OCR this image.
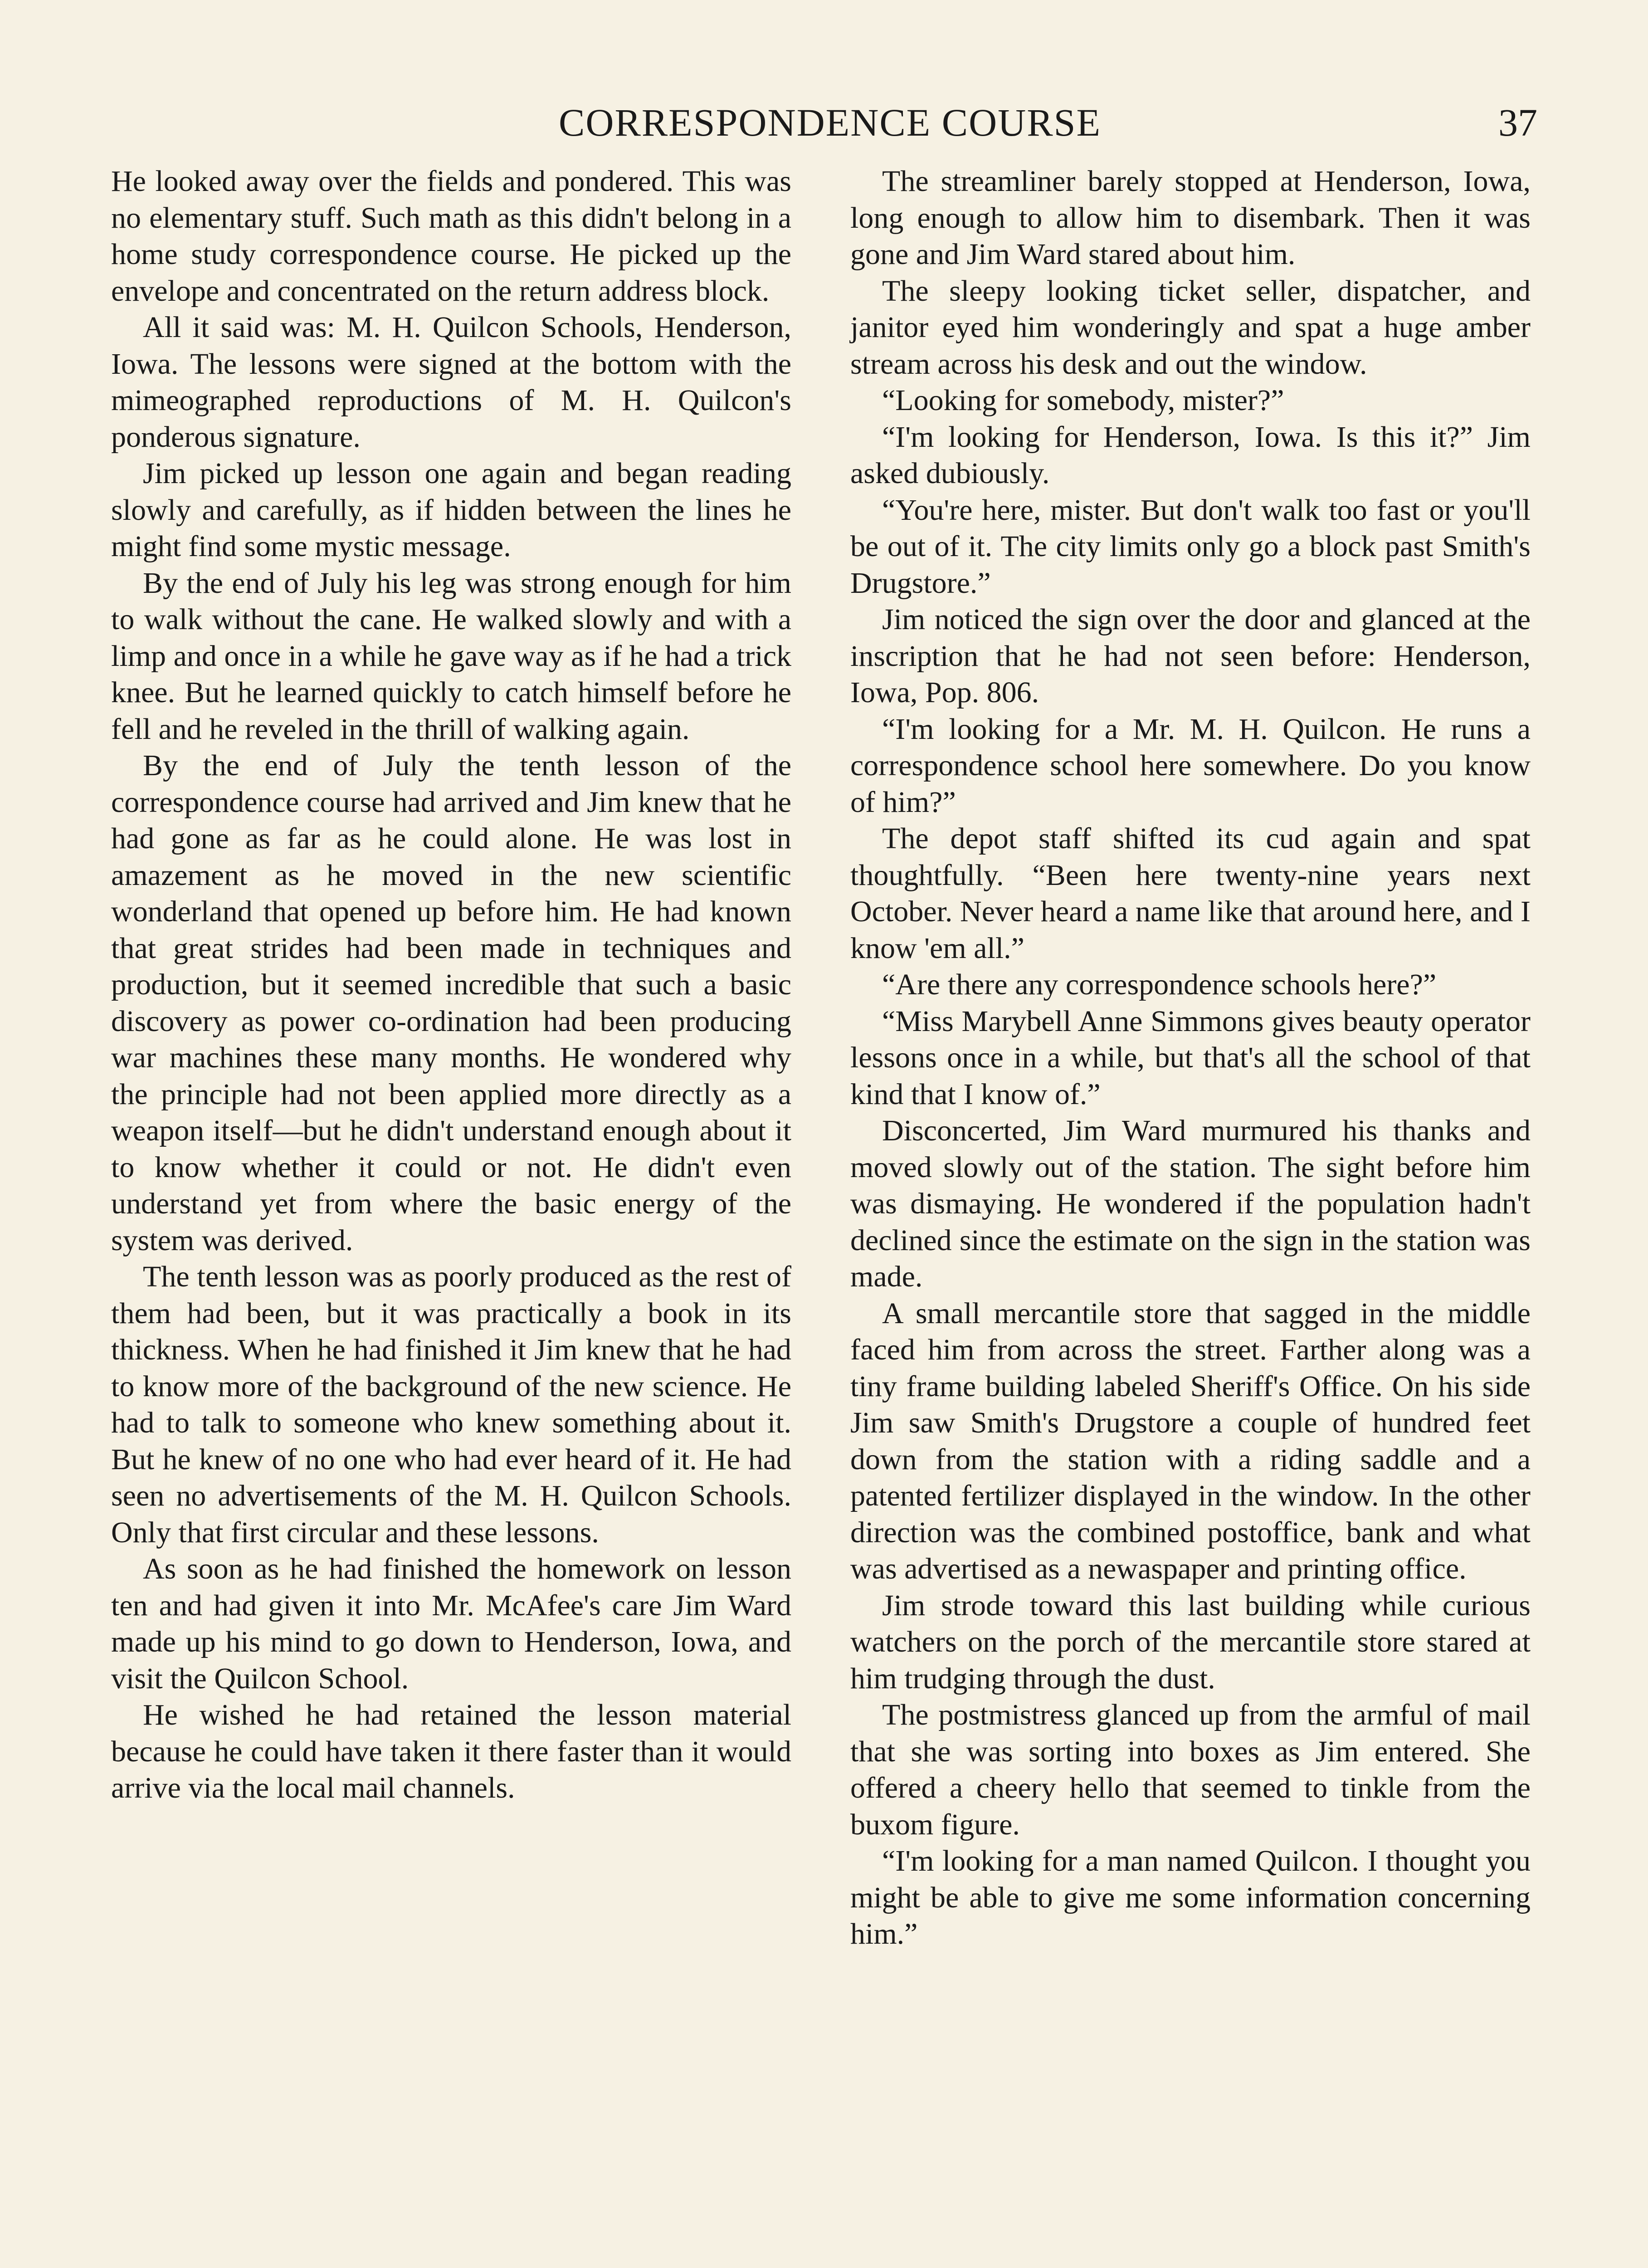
CORRESPONDENCE COURSE	37

He looked away over the fields and pondered. This was no elementary stuff. Such math as this didn't belong in a home study correspondence course. He picked up the envelope and concentrated on the return address block.

All it said was: M. H. Quilcon Schools, Henderson, Iowa. The lessons were signed at the bottom with the mimeographed reproductions of M. H. Quilcon's ponderous signature.

Jim picked up lesson one again and began reading slowly and carefully, as if hidden between the lines he might find some mystic message.

By the end of July his leg was strong enough for him to walk without the cane. He walked slowly and with a limp and once in a while he gave way as if he had a trick knee. But he learned quickly to catch himself before he fell and he reveled in the thrill of walking again.

By the end of July the tenth lesson of the correspondence course had arrived and Jim knew that he had gone as far as he could alone. He was lost in amazement as he moved in the new scientific wonderland that opened up before him. He had known that great strides had been made in techniques and production, but it seemed incredible that such a basic discovery as power co-ordination had been producing war machines these many months. He wondered why the principle had not been applied more directly as a weapon itself—but he didn't understand enough about it to know whether it could or not. He didn't even understand yet from where the basic energy of the system was derived.

The tenth lesson was as poorly produced as the rest of them had been, but it was practically a book in its thickness. When he had finished it Jim knew that he had to know more of the background of the new science. He had to talk to someone who knew something about it. But he knew of no one who had ever heard of it. He had seen no advertisements of the M. H. Quilcon Schools. Only that first circular and these lessons.

As soon as he had finished the homework on lesson ten and had given it into Mr. McAfee's care Jim Ward made up his mind to go down to Henderson, Iowa, and visit the Quilcon School.

He wished he had retained the lesson material because he could have taken it there faster than it would arrive via the local mail channels.

The streamliner barely stopped at Henderson, Iowa, long enough to allow him to disembark. Then it was gone and Jim Ward stared about him.

The sleepy looking ticket seller, dispatcher, and janitor eyed him wonderingly and spat a huge amber stream across his desk and out the window.

“Looking for somebody, mister?”

“I'm looking for Henderson, Iowa. Is this it?” Jim asked dubiously.

“You're here, mister. But don't walk too fast or you'll be out of it. The city limits only go a block past Smith's Drugstore.”

Jim noticed the sign over the door and glanced at the inscription that he had not seen before: Henderson, Iowa, Pop. 806.

“I'm looking for a Mr. M. H. Quilcon. He runs a correspondence school here somewhere. Do you know of him?”

The depot staff shifted its cud again and spat thoughtfully. “Been here twenty-nine years next October. Never heard a name like that around here, and I know 'em all.”

“Are there any correspondence schools here?”

“Miss Marybell Anne Simmons gives beauty operator lessons once in a while, but that's all the school of that kind that I know of.”

Disconcerted, Jim Ward murmured his thanks and moved slowly out of the station. The sight before him was dismaying. He wondered if the population hadn't declined since the estimate on the sign in the station was made.

A small mercantile store that sagged in the middle faced him from across the street. Farther along was a tiny frame building labeled Sheriff's Office. On his side Jim saw Smith's Drugstore a couple of hundred feet down from the station with a riding saddle and a patented fertilizer displayed in the window. In the other direction was the combined postoffice, bank and what was advertised as a newaspaper and printing office.

Jim strode toward this last building while curious watchers on the porch of the mercantile store stared at him trudging through the dust.

The postmistress glanced up from the armful of mail that she was sorting into boxes as Jim entered. She offered a cheery hello that seemed to tinkle from the buxom figure.

“I'm looking for a man named Quilcon. I thought you might be able to give me some information concerning him.”
